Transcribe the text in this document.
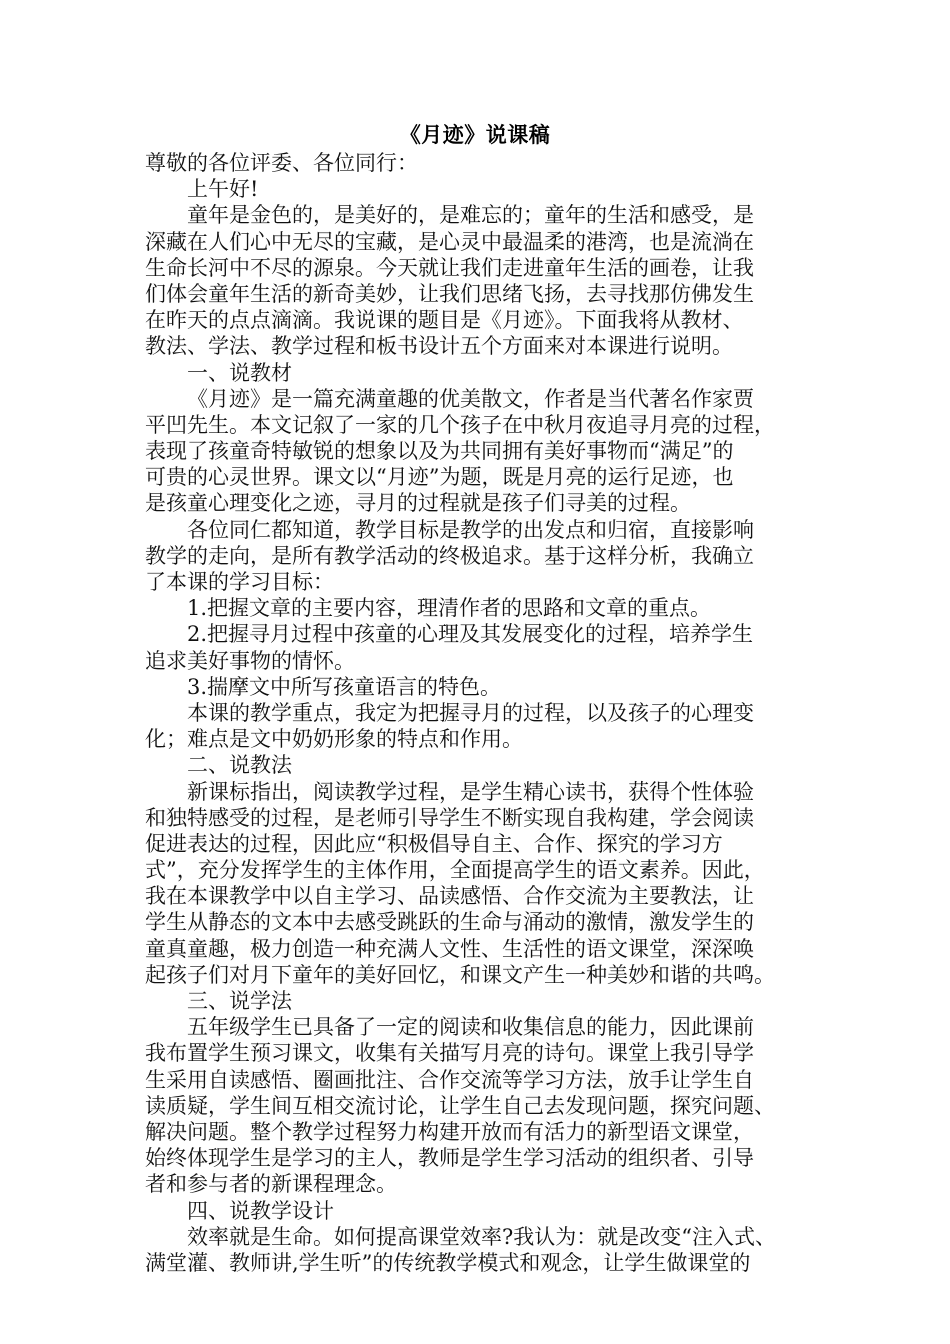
《月迹》说课稿
尊敬的各位评委、各位同行：
上午好!
童年是金色的，是美好的，是难忘的；童年的生活和感受，是
深藏在人们心中无尽的宝藏，是心灵中最温柔的港湾，也是流淌在
生命长河中不尽的源泉。今天就让我们走进童年生活的画卷，让我
们体会童年生活的新奇美妙，让我们思绪飞扬，去寻找那仿佛发生
在昨天的点点滴滴。我说课的题目是《月迹》。下面我将从教材、
教法、学法、教学过程和板书设计五个方面来对本课进行说明。
一、说教材
《月迹》是一篇充满童趣的优美散文，作者是当代著名作家贾
平凹先生。本文记叙了一家的几个孩子在中秋月夜追寻月亮的过程，
表现了孩童奇特敏锐的想象以及为共同拥有美好事物而“满足”的
可贵的心灵世界。课文以“月迹”为题，既是月亮的运行足迹，也
是孩童心理变化之迹，寻月的过程就是孩子们寻美的过程。
各位同仁都知道，教学目标是教学的出发点和归宿，直接影响
教学的走向，是所有教学活动的终极追求。基于这样分析，我确立
了本课的学习目标：
1.把握文章的主要内容，理清作者的思路和文章的重点。
2.把握寻月过程中孩童的心理及其发展变化的过程，培养学生
追求美好事物的情怀。
3.揣摩文中所写孩童语言的特色。
本课的教学重点，我定为把握寻月的过程，以及孩子的心理变
化；难点是文中奶奶形象的特点和作用。
二、说教法
新课标指出，阅读教学过程，是学生精心读书，获得个性体验
和独特感受的过程，是老师引导学生不断实现自我构建，学会阅读
促进表达的过程，因此应“积极倡导自主、合作、探究的学习方
式”，充分发挥学生的主体作用，全面提高学生的语文素养。因此，
我在本课教学中以自主学习、品读感悟、合作交流为主要教法，让
学生从静态的文本中去感受跳跃的生命与涌动的激情，激发学生的
童真童趣，极力创造一种充满人文性、生活性的语文课堂，深深唤
起孩子们对月下童年的美好回忆，和课文产生一种美妙和谐的共鸣。
三、说学法
五年级学生已具备了一定的阅读和收集信息的能力，因此课前
我布置学生预习课文，收集有关描写月亮的诗句。课堂上我引导学
生采用自读感悟、圈画批注、合作交流等学习方法，放手让学生自
读质疑，学生间互相交流讨论，让学生自己去发现问题，探究问题、
解决问题。整个教学过程努力构建开放而有活力的新型语文课堂，
始终体现学生是学习的主人，教师是学生学习活动的组织者、引导
者和参与者的新课程理念。
四、说教学设计
效率就是生命。如何提高课堂效率?我认为：就是改变“注入式、
满堂灌、教师讲,学生听”的传统教学模式和观念，让学生做课堂的
